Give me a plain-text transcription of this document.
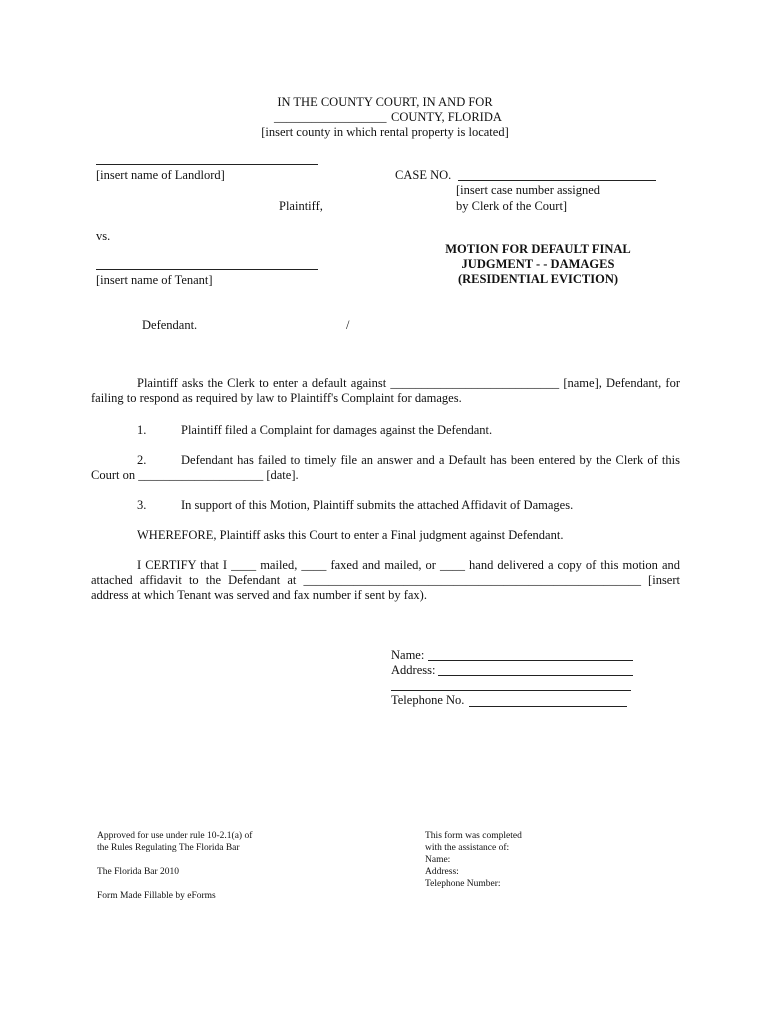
IN THE COUNTY COURT, IN AND FOR
__________________ COUNTY, FLORIDA
[insert county in which rental property is located]
[insert name of Landlord]
Plaintiff,
CASE NO.
[insert case number assigned
by Clerk of the Court]
vs.
MOTION FOR DEFAULT FINAL
JUDGMENT - - DAMAGES
(RESIDENTIAL EVICTION)
[insert name of Tenant]
Defendant.	/
Plaintiff asks the Clerk to enter a default against ___________________________ [name], Defendant, for
failing to respond as required by law to Plaintiff's Complaint for damages.
1.	Plaintiff filed a Complaint for damages against the Defendant.
2.	Defendant has failed to timely file an answer and a Default has been entered by the Clerk of this
Court on ____________________ [date].
3.	In support of this Motion, Plaintiff submits the attached Affidavit of Damages.
WHEREFORE, Plaintiff asks this Court to enter a Final judgment against Defendant.
I CERTIFY that I ____ mailed, ____ faxed and mailed, or ____ hand delivered a copy of this motion and
attached affidavit to the Defendant at ______________________________________________________ [insert
address at which Tenant was served and fax number if sent by fax).
Name:
Address:
Telephone No.
Approved for use under rule 10-2.1(a) of
the Rules Regulating The Florida Bar
The Florida Bar 2010
Form Made Fillable by eForms
This form was completed
with the assistance of:
Name:
Address:
Telephone Number:
